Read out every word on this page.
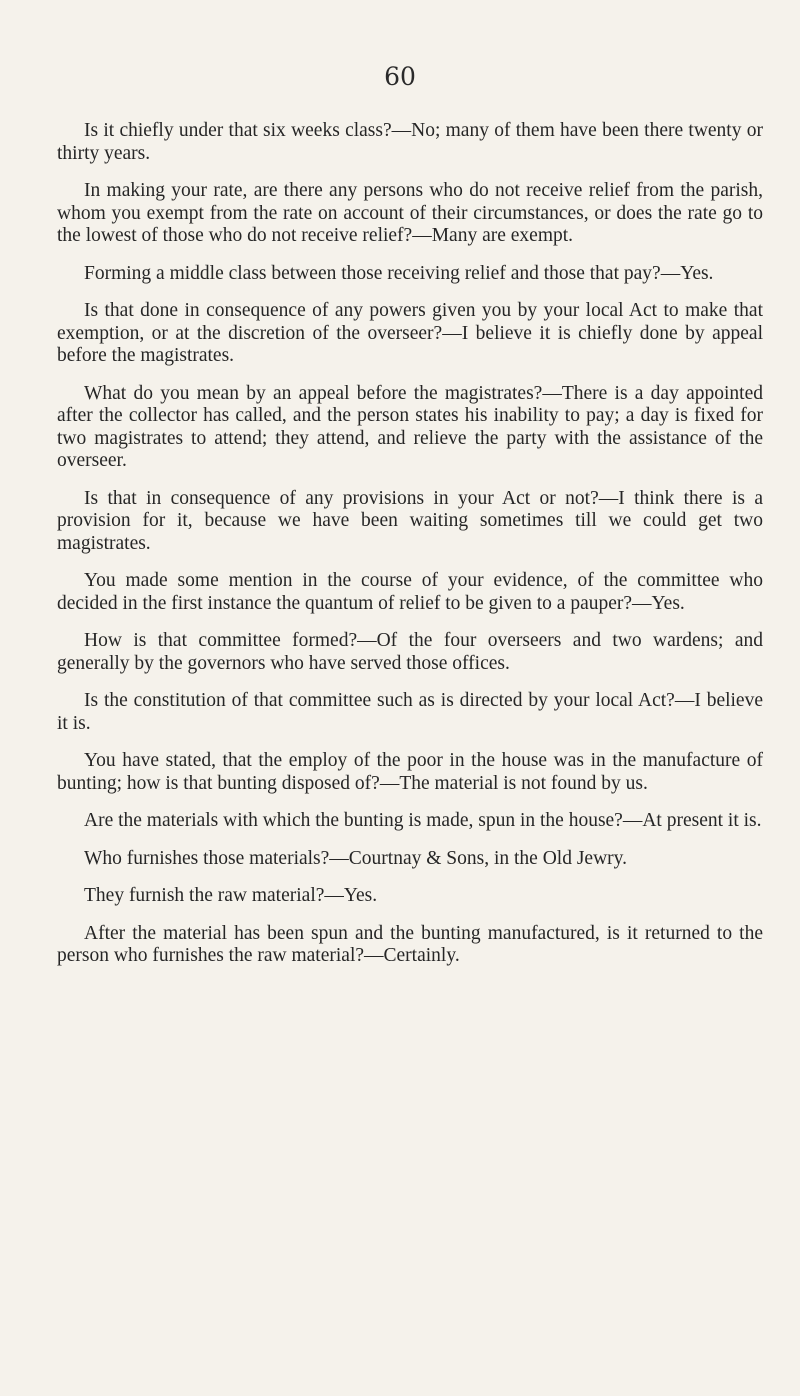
60

Is it chiefly under that six weeks class?—No; many of them have been there twenty or thirty years.

In making your rate, are there any persons who do not receive relief from the parish, whom you exempt from the rate on account of their circumstances, or does the rate go to the lowest of those who do not receive relief?—Many are exempt.

Forming a middle class between those receiving relief and those that pay?—Yes.

Is that done in consequence of any powers given you by your local Act to make that exemption, or at the discretion of the overseer?—I believe it is chiefly done by appeal before the magistrates.

What do you mean by an appeal before the magistrates?—There is a day appointed after the collector has called, and the person states his inability to pay; a day is fixed for two magistrates to attend; they attend, and relieve the party with the assistance of the overseer.

Is that in consequence of any provisions in your Act or not?—I think there is a provision for it, because we have been waiting sometimes till we could get two magistrates.

You made some mention in the course of your evidence, of the committee who decided in the first instance the quantum of relief to be given to a pauper?—Yes.

How is that committee formed?—Of the four overseers and two wardens; and generally by the governors who have served those offices.

Is the constitution of that committee such as is directed by your local Act?—I believe it is.

You have stated, that the employ of the poor in the house was in the manufacture of bunting; how is that bunting disposed of?—The material is not found by us.

Are the materials with which the bunting is made, spun in the house?—At present it is.

Who furnishes those materials?—Courtnay & Sons, in the Old Jewry.

They furnish the raw material?—Yes.

After the material has been spun and the bunting manufactured, is it returned to the person who furnishes the raw material?—Certainly.
